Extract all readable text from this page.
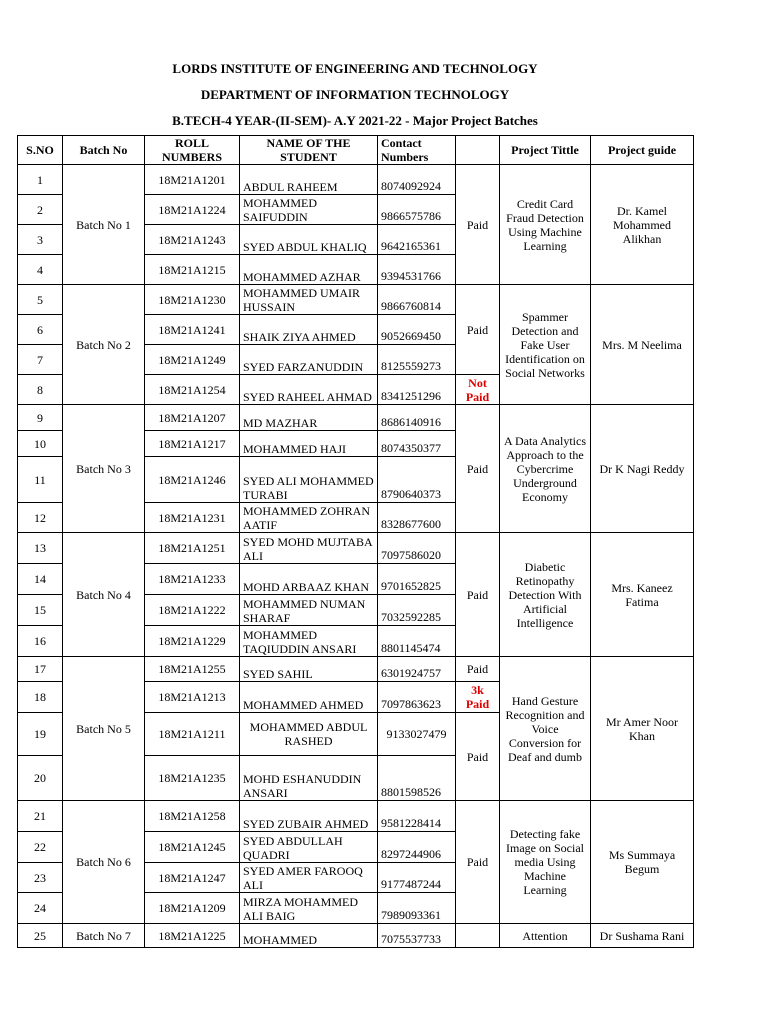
LORDS INSTITUTE OF ENGINEERING AND TECHNOLOGY
DEPARTMENT OF INFORMATION TECHNOLOGY
B.TECH-4 YEAR-(II-SEM)- A.Y 2021-22 - Major Project Batches
S.NO	Batch No	ROLL NUMBERS	NAME OF THE STUDENT	Contact Numbers		Project Tittle	Project guide
1	Batch No 1	18M21A1201	ABDUL RAHEEM	8074092924	Paid	Credit Card Fraud Detection Using Machine Learning	Dr. Kamel Mohammed Alikhan
2		18M21A1224	MOHAMMED SAIFUDDIN	9866575786			
3		18M21A1243	SYED ABDUL KHALIQ	9642165361			
4		18M21A1215	MOHAMMED AZHAR	9394531766			
5	Batch No 2	18M21A1230	MOHAMMED UMAIR HUSSAIN	9866760814	Paid	Spammer Detection and Fake User Identification on Social Networks	Mrs. M Neelima
6		18M21A1241	SHAIK ZIYA AHMED	9052669450			
7		18M21A1249	SYED FARZANUDDIN	8125559273			
8		18M21A1254	SYED RAHEEL AHMAD	8341251296	Not Paid		
9	Batch No 3	18M21A1207	MD MAZHAR	8686140916	Paid	A Data Analytics Approach to the Cybercrime Underground Economy	Dr K Nagi Reddy
10		18M21A1217	MOHAMMED HAJI	8074350377			
11		18M21A1246	SYED ALI MOHAMMED TURABI	8790640373			
12		18M21A1231	MOHAMMED ZOHRAN AATIF	8328677600			
13	Batch No 4	18M21A1251	SYED MOHD MUJTABA ALI	7097586020	Paid	Diabetic Retinopathy Detection With Artificial Intelligence	Mrs. Kaneez Fatima
14		18M21A1233	MOHD ARBAAZ KHAN	9701652825			
15		18M21A1222	MOHAMMED NUMAN SHARAF	7032592285			
16		18M21A1229	MOHAMMED TAQIUDDIN ANSARI	8801145474			
17	Batch No 5	18M21A1255	SYED SAHIL	6301924757	Paid	Hand Gesture Recognition and Voice Conversion for Deaf and dumb	Mr Amer Noor Khan
18		18M21A1213	MOHAMMED AHMED	7097863623	3k Paid		
19		18M21A1211	MOHAMMED ABDUL RASHED	9133027479	Paid		
20		18M21A1235	MOHD ESHANUDDIN ANSARI	8801598526			
21	Batch No 6	18M21A1258	SYED ZUBAIR AHMED	9581228414	Paid	Detecting fake Image on Social media Using Machine Learning	Ms Summaya Begum
22		18M21A1245	SYED ABDULLAH QUADRI	8297244906			
23		18M21A1247	SYED AMER FAROOQ ALI	9177487244			
24		18M21A1209	MIRZA MOHAMMED ALI BAIG	7989093361			
25	Batch No 7	18M21A1225	MOHAMMED	7075537733		Attention	Dr Sushama Rani
